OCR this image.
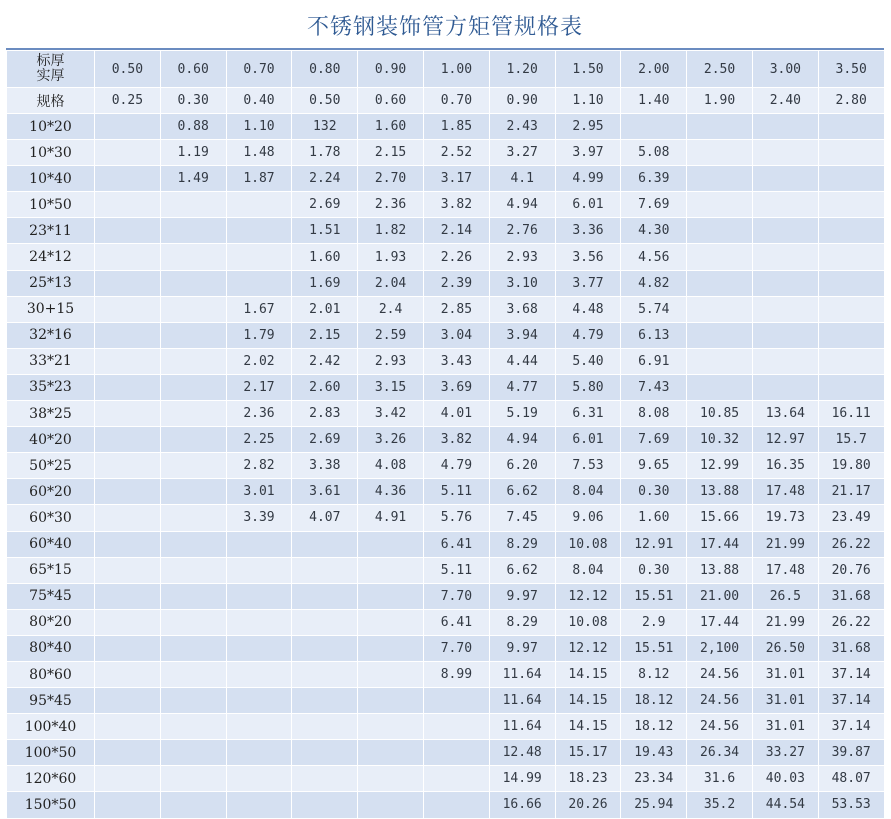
不锈钢装饰管方矩管规格表
标厚
实厚	0.50	0.60	0.70	0.80	0.90	1.00	1.20	1.50	2.00	2.50	3.00	3.50
规格	0.25	0.30	0.40	0.50	0.60	0.70	0.90	1.10	1.40	1.90	2.40	2.80
10*20		0.88	1.10	132	1.60	1.85	2.43	2.95				
10*30		1.19	1.48	1.78	2.15	2.52	3.27	3.97	5.08			
10*40		1.49	1.87	2.24	2.70	3.17	4.1	4.99	6.39			
10*50				2.69	2.36	3.82	4.94	6.01	7.69			
23*11				1.51	1.82	2.14	2.76	3.36	4.30			
24*12				1.60	1.93	2.26	2.93	3.56	4.56			
25*13				1.69	2.04	2.39	3.10	3.77	4.82			
30+15			1.67	2.01	2.4	2.85	3.68	4.48	5.74			
32*16			1.79	2.15	2.59	3.04	3.94	4.79	6.13			
33*21			2.02	2.42	2.93	3.43	4.44	5.40	6.91			
35*23			2.17	2.60	3.15	3.69	4.77	5.80	7.43			
38*25			2.36	2.83	3.42	4.01	5.19	6.31	8.08	10.85	13.64	16.11
40*20			2.25	2.69	3.26	3.82	4.94	6.01	7.69	10.32	12.97	15.7
50*25			2.82	3.38	4.08	4.79	6.20	7.53	9.65	12.99	16.35	19.80
60*20			3.01	3.61	4.36	5.11	6.62	8.04	0.30	13.88	17.48	21.17
60*30			3.39	4.07	4.91	5.76	7.45	9.06	1.60	15.66	19.73	23.49
60*40						6.41	8.29	10.08	12.91	17.44	21.99	26.22
65*15						5.11	6.62	8.04	0.30	13.88	17.48	20.76
75*45						7.70	9.97	12.12	15.51	21.00	26.5	31.68
80*20						6.41	8.29	10.08	2.9	17.44	21.99	26.22
80*40						7.70	9.97	12.12	15.51	2,100	26.50	31.68
80*60						8.99	11.64	14.15	8.12	24.56	31.01	37.14
95*45							11.64	14.15	18.12	24.56	31.01	37.14
100*40							11.64	14.15	18.12	24.56	31.01	37.14
100*50							12.48	15.17	19.43	26.34	33.27	39.87
120*60							14.99	18.23	23.34	31.6	40.03	48.07
150*50							16.66	20.26	25.94	35.2	44.54	53.53
